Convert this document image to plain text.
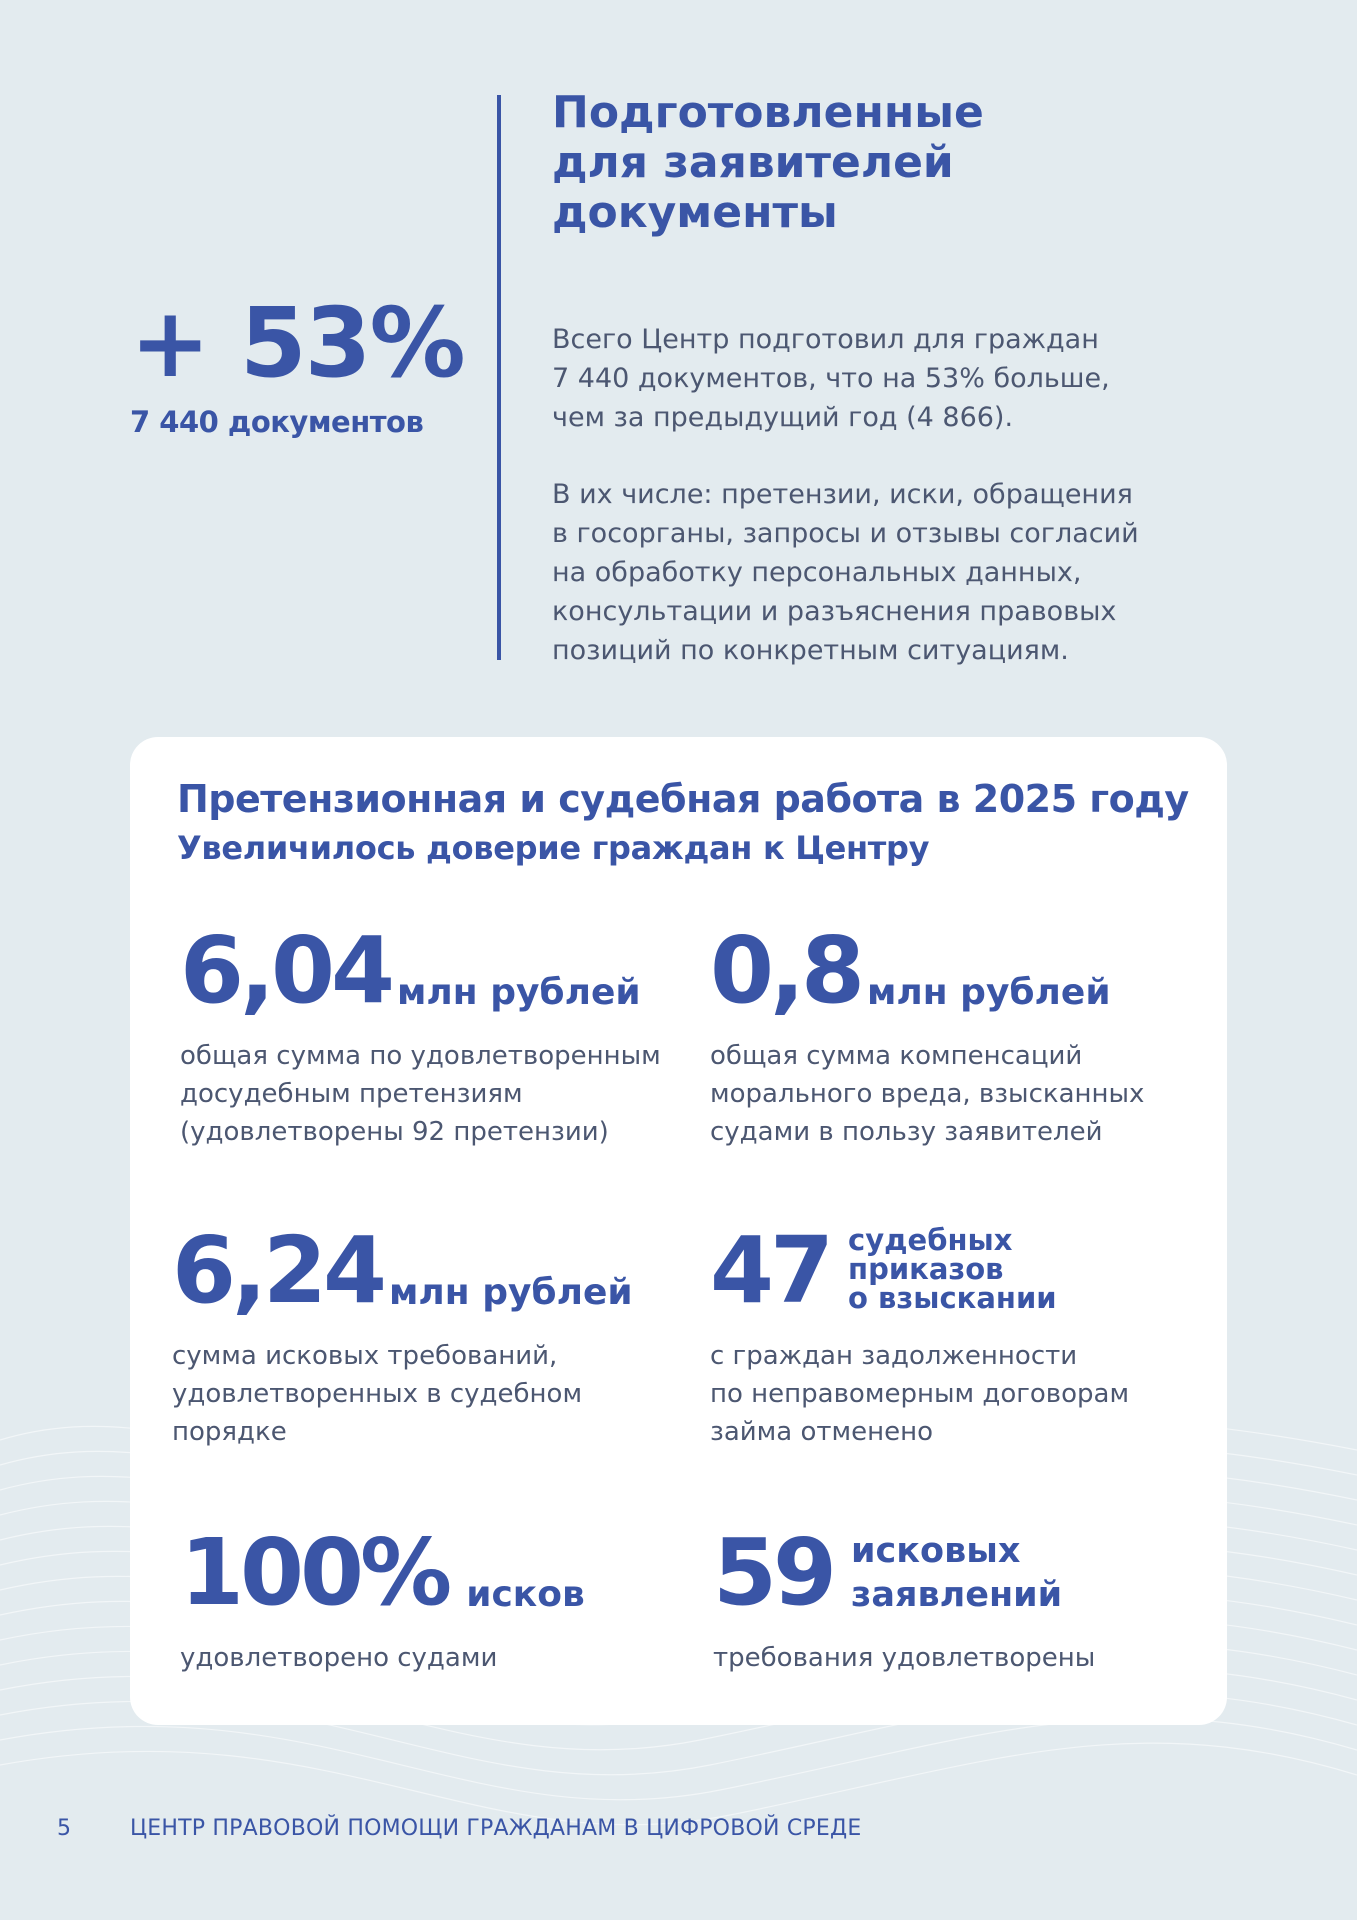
+ 53%
7 440 документов
Подготовленные
для заявителей
документы
Всего Центр подготовил для граждан
7 440 документов, что на 53% больше,
чем за предыдущий год (4 866).
В их числе: претензии, иски, обращения
в госорганы, запросы и отзывы согласий
на обработку персональных данных,
консультации и разъяснения правовых
позиций по конкретным ситуациям.
Претензионная и судебная работа в 2025 году
Увеличилось доверие граждан к Центру
6,04 млн рублей
общая сумма по удовлетворенным
досудебным претензиям
(удовлетворены 92 претензии)
0,8 млн рублей
общая сумма компенсаций
морального вреда, взысканных
судами в пользу заявителей
6,24 млн рублей
сумма исковых требований,
удовлетворенных в судебном
порядке
47 судебных
приказов
о взыскании
с граждан задолженности
по неправомерным договорам
займа отменено
100% исков
удовлетворено судами
59 исковых
заявлений
требования удовлетворены
5	ЦЕНТР ПРАВОВОЙ ПОМОЩИ ГРАЖДАНАМ В ЦИФРОВОЙ СРЕДЕ
